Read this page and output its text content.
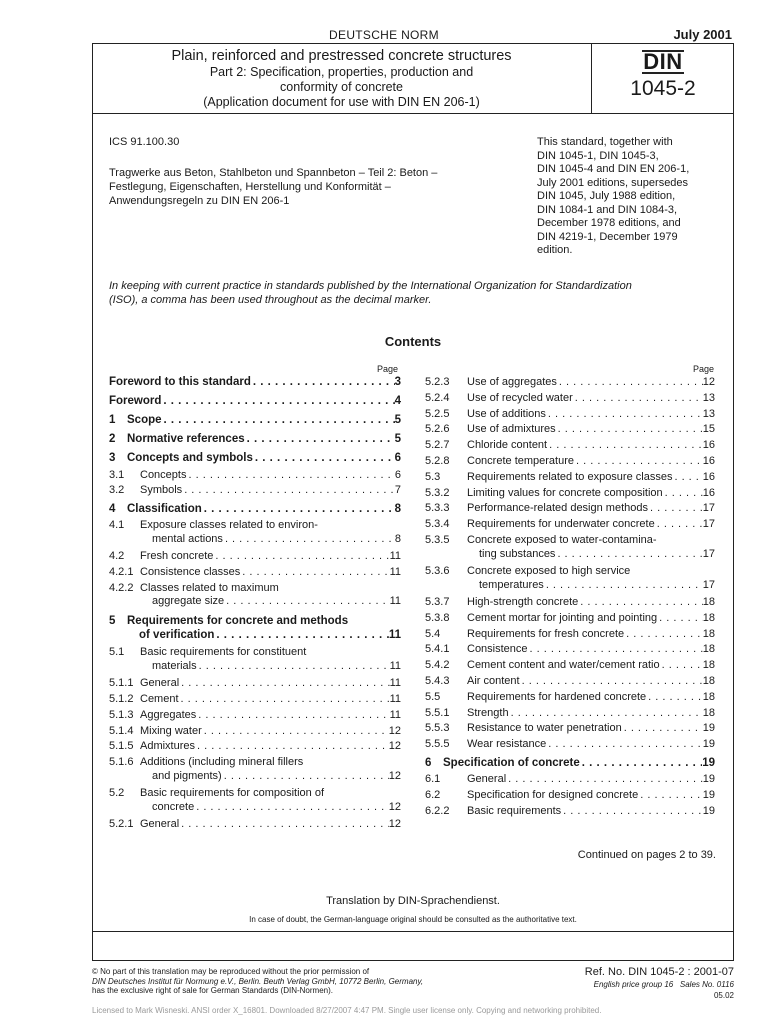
DEUTSCHE NORM	July 2001
Plain, reinforced and prestressed concrete structures
Part 2: Specification, properties, production and
conformity of concrete
(Application document for use with DIN EN 206-1)
DIN
1045-2
ICS 91.100.30
Tragwerke aus Beton, Stahlbeton und Spannbeton – Teil 2: Beton –
Festlegung, Eigenschaften, Herstellung und Konformität –
Anwendungsregeln zu DIN EN 206-1
This standard, together with
DIN 1045-1, DIN 1045-3,
DIN 1045-4 and DIN EN 206-1,
July 2001 editions, supersedes
DIN 1045, July 1988 edition,
DIN 1084-1 and DIN 1084-3,
December 1978 editions, and
DIN 4219-1, December 1979
edition.
In keeping with current practice in standards published by the International Organization for Standardization
(ISO), a comma has been used throughout as the decimal marker.
Contents
Page	Page
Foreword to this standard . . .	3
Foreword . . .	4
1	Scope . . .	5
2	Normative references . . .	5
3	Concepts and symbols . . .	6
3.1	Concepts . . .	6
3.2	Symbols . . .	7
4	Classification . . .	8
4.1	Exposure classes related to environ-
mental actions . . .	8
4.2	Fresh concrete . . .	11
4.2.1 Consistence classes . . .	11
4.2.2 Classes related to maximum
aggregate size . . .	11
5	Requirements for concrete and methods
of verification . . .	11
5.1	Basic requirements for constituent
materials . . .	11
5.1.1 General . . .	11
5.1.2 Cement . . .	11
5.1.3 Aggregates . . .	11
5.1.4 Mixing water . . .	12
5.1.5 Admixtures . . .	12
5.1.6 Additions (including mineral fillers
and pigments) . . .	12
5.2	Basic requirements for composition of
concrete . . .	12
5.2.1 General . . .	12
5.2.3	Use of aggregates . . .	12
5.2.4	Use of recycled water . . .	13
5.2.5	Use of additions . . .	13
5.2.6	Use of admixtures . . .	15
5.2.7	Chloride content . . .	16
5.2.8	Concrete temperature . . .	16
5.3	Requirements related to exposure classes . . .	16
5.3.2	Limiting values for concrete composition . . .	16
5.3.3	Performance-related design methods . . .	17
5.3.4	Requirements for underwater concrete . . .	17
5.3.5	Concrete exposed to water-contamina-
ting substances . . .	17
5.3.6	Concrete exposed to high service
temperatures . . .	17
5.3.7	High-strength concrete . . .	18
5.3.8	Cement mortar for jointing and pointing . . .	18
5.4	Requirements for fresh concrete . . .	18
5.4.1	Consistence . . .	18
5.4.2	Cement content and water/cement ratio . . .	18
5.4.3	Air content . . .	18
5.5	Requirements for hardened concrete . . .	18
5.5.1	Strength . . .	18
5.5.3	Resistance to water penetration . . .	19
5.5.5	Wear resistance . . .	19
6	Specification of concrete . . .	19
6.1	General . . .	19
6.2	Specification for designed concrete . . .	19
6.2.2	Basic requirements . . .	19
Continued on pages 2 to 39.
Translation by DIN-Sprachendienst.
In case of doubt, the German-language original should be consulted as the authoritative text.
© No part of this translation may be reproduced without the prior permission of
DIN Deutsches Institut für Normung e.V., Berlin. Beuth Verlag GmbH, 10772 Berlin, Germany,
has the exclusive right of sale for German Standards (DIN-Normen).
Ref. No. DIN 1045-2 : 2001-07
English price group 16 Sales No. 0116
05.02
Licensed to Mark Wisneski. ANSI order X_16801. Downloaded 8/27/2007 4:47 PM. Single user license only. Copying and networking prohibited.
